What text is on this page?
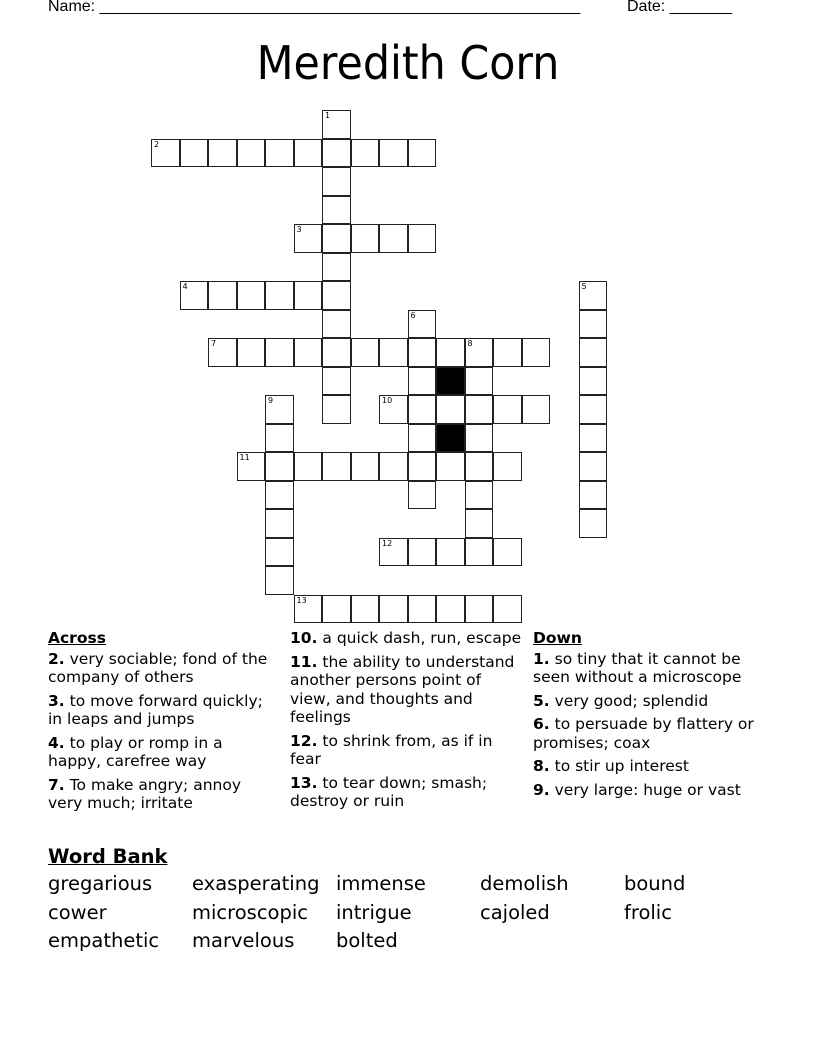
Name: ______________________________________________________	Date: _______
Meredith Corn
1
2
3
4	5
6
7	8
9	10
11
12
13
Across
2. very sociable; fond of the company of others
3. to move forward quickly; in leaps and jumps
4. to play or romp in a happy, carefree way
7. To make angry; annoy very much; irritate
10. a quick dash, run, escape
11. the ability to understand another persons point of view, and thoughts and feelings
12. to shrink from, as if in fear
13. to tear down; smash; destroy or ruin
Down
1. so tiny that it cannot be seen without a microscope
5. very good; splendid
6. to persuade by flattery or promises; coax
8. to stir up interest
9. very large: huge or vast
Word Bank
gregarious	exasperating immense	demolish	bound
cower	microscopic	intrigue	cajoled	frolic
empathetic	marvelous	bolted
